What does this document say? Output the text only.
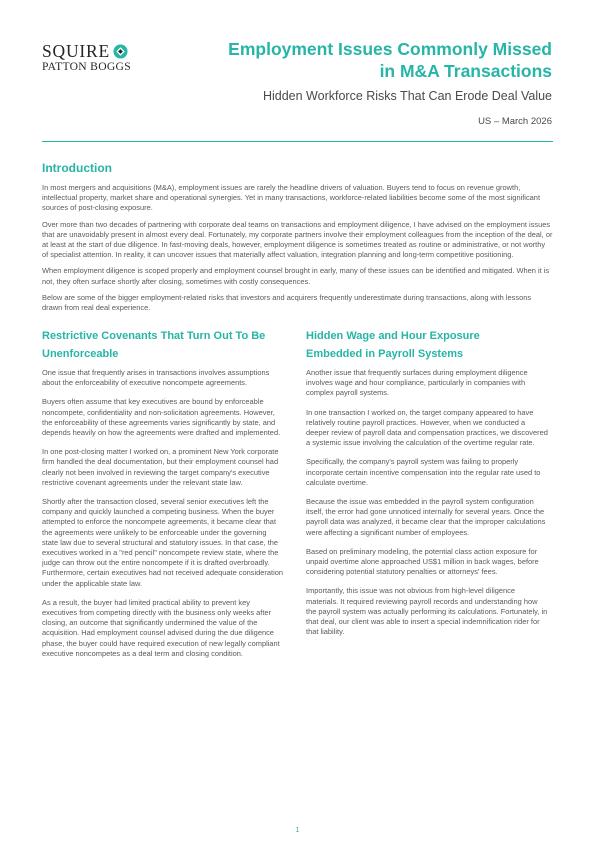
SQUIRE
PATTON BOGGS
Employment Issues Commonly Missed
in M&A Transactions
Hidden Workforce Risks That Can Erode Deal Value
US – March 2026
Introduction

In most mergers and acquisitions (M&A), employment issues are rarely the headline drivers of valuation. Buyers tend to focus on revenue growth, intellectual property, market share and operational synergies. Yet in many transactions, workforce-related liabilities become some of the most significant sources of post-closing exposure.

Over more than two decades of partnering with corporate deal teams on transactions and employment diligence, I have advised on the employment issues that are unavoidably present in almost every deal. Fortunately, my corporate partners involve their employment colleagues from the inception of the deal, or at least at the start of due diligence. In fast-moving deals, however, employment diligence is sometimes treated as routine or administrative, or not worthy of specialist attention. In reality, it can uncover issues that materially affect valuation, integration planning and long-term competitive positioning.

When employment diligence is scoped properly and employment counsel brought in early, many of these issues can be identified and mitigated. When it is not, they often surface shortly after closing, sometimes with costly consequences.

Below are some of the bigger employment-related risks that investors and acquirers frequently underestimate during transactions, along with lessons drawn from real deal experience.

Restrictive Covenants That Turn Out To Be
Unenforceable

One issue that frequently arises in transactions involves assumptions about the enforceability of executive noncompete agreements.

Buyers often assume that key executives are bound by enforceable noncompete, confidentiality and non-solicitation agreements. However, the enforceability of these agreements varies significantly by state, and depends heavily on how the agreements were drafted and implemented.

In one post-closing matter I worked on, a prominent New York corporate firm handled the deal documentation, but their employment counsel had clearly not been involved in reviewing the target company's executive restrictive covenant agreements under the relevant state law.

Shortly after the transaction closed, several senior executives left the company and quickly launched a competing business. When the buyer attempted to enforce the noncompete agreements, it became clear that the agreements were unlikely to be enforceable under the governing state law due to several structural and statutory issues. In that case, the executives worked in a "red pencil" noncompete review state, where the judge can throw out the entire noncompete if it is drafted overbroadly. Furthermore, certain executives had not received adequate consideration under the applicable state law.

As a result, the buyer had limited practical ability to prevent key executives from competing directly with the business only weeks after closing, an outcome that significantly undermined the value of the acquisition. Had employment counsel advised during the due diligence phase, the buyer could have required execution of new legally compliant executive noncompetes as a deal term and closing condition.

Hidden Wage and Hour Exposure
Embedded in Payroll Systems

Another issue that frequently surfaces during employment diligence involves wage and hour compliance, particularly in companies with complex payroll systems.

In one transaction I worked on, the target company appeared to have relatively routine payroll practices. However, when we conducted a deeper review of payroll data and compensation practices, we discovered a systemic issue involving the calculation of the overtime regular rate.

Specifically, the company's payroll system was failing to properly incorporate certain incentive compensation into the regular rate used to calculate overtime.

Because the issue was embedded in the payroll system configuration itself, the error had gone unnoticed internally for several years. Once the payroll data was analyzed, it became clear that the improper calculations were affecting a significant number of employees.

Based on preliminary modeling, the potential class action exposure for unpaid overtime alone approached US$1 million in back wages, before considering potential statutory penalties or attorneys' fees.

Importantly, this issue was not obvious from high-level diligence materials. It required reviewing payroll records and understanding how the payroll system was actually performing its calculations. Fortunately, in that deal, our client was able to insert a special indemnification rider for that liability.

1
